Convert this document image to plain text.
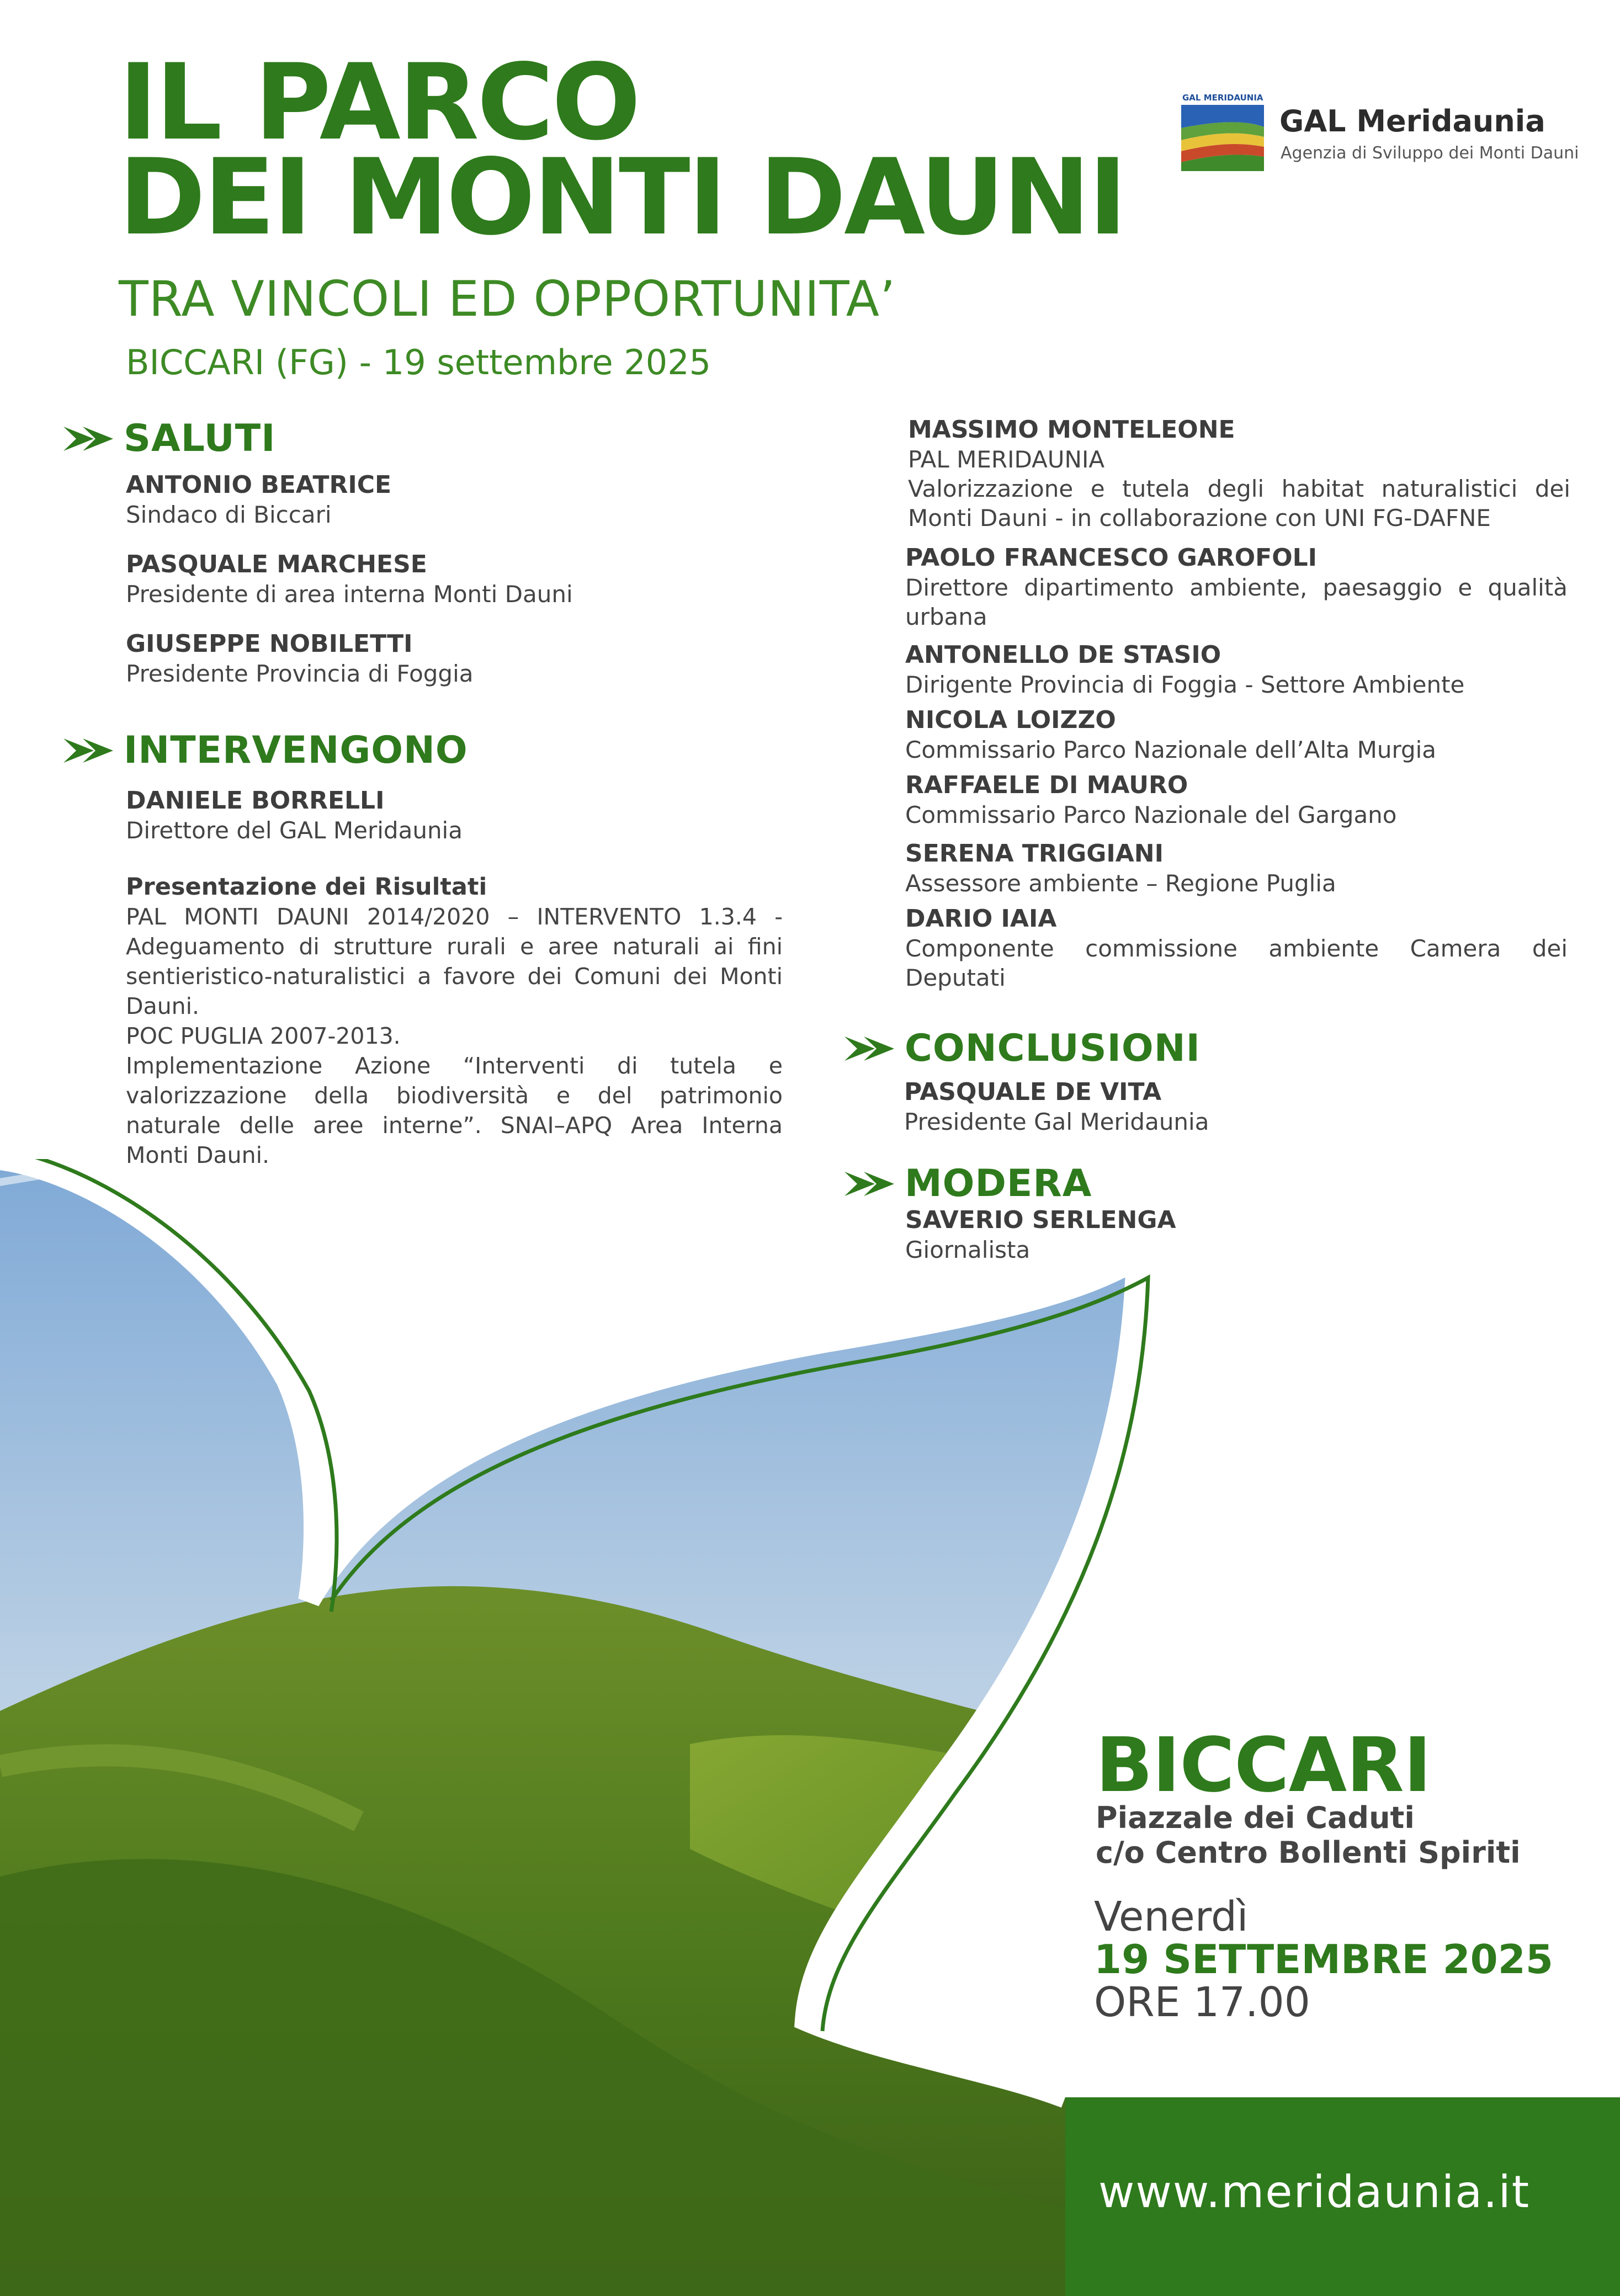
IL PARCO
DEI MONTI DAUNI
TRA VINCOLI ED OPPORTUNITA’
BICCARI (FG) - 19 settembre 2025
GAL MERIDAUNIA
GAL Meridaunia
Agenzia di Sviluppo dei Monti Dauni
SALUTI
ANTONIO BEATRICE
Sindaco di Biccari
PASQUALE MARCHESE
Presidente di area interna Monti Dauni
GIUSEPPE NOBILETTI
Presidente Provincia di Foggia
INTERVENGONO
DANIELE BORRELLI
Direttore del GAL Meridaunia
Presentazione dei Risultati
PAL MONTI DAUNI 2014/2020 – INTERVENTO 1.3.4 - Adeguamento di strutture rurali e aree naturali ai fini sentieristico-naturalistici a favore dei Comuni dei Monti Dauni.
POC PUGLIA 2007-2013.
Implementazione Azione “Interventi di tutela e valorizzazione della biodiversità e del patrimonio naturale delle aree interne”. SNAI–APQ Area Interna Monti Dauni.
MASSIMO MONTELEONE
PAL MERIDAUNIA
Valorizzazione e tutela degli habitat naturalistici dei Monti Dauni - in collaborazione con UNI FG-DAFNE
PAOLO FRANCESCO GAROFOLI
Direttore dipartimento ambiente, paesaggio e qualità urbana
ANTONELLO DE STASIO
Dirigente Provincia di Foggia - Settore Ambiente
NICOLA LOIZZO
Commissario Parco Nazionale dell’Alta Murgia
RAFFAELE DI MAURO
Commissario Parco Nazionale del Gargano
SERENA TRIGGIANI
Assessore ambiente – Regione Puglia
DARIO IAIA
Componente commissione ambiente Camera dei Deputati
CONCLUSIONI
PASQUALE DE VITA
Presidente Gal Meridaunia
MODERA
SAVERIO SERLENGA
Giornalista
BICCARI
Piazzale dei Caduti
c/o Centro Bollenti Spiriti
Venerdì
19 SETTEMBRE 2025
ORE 17.00
www.meridaunia.it
